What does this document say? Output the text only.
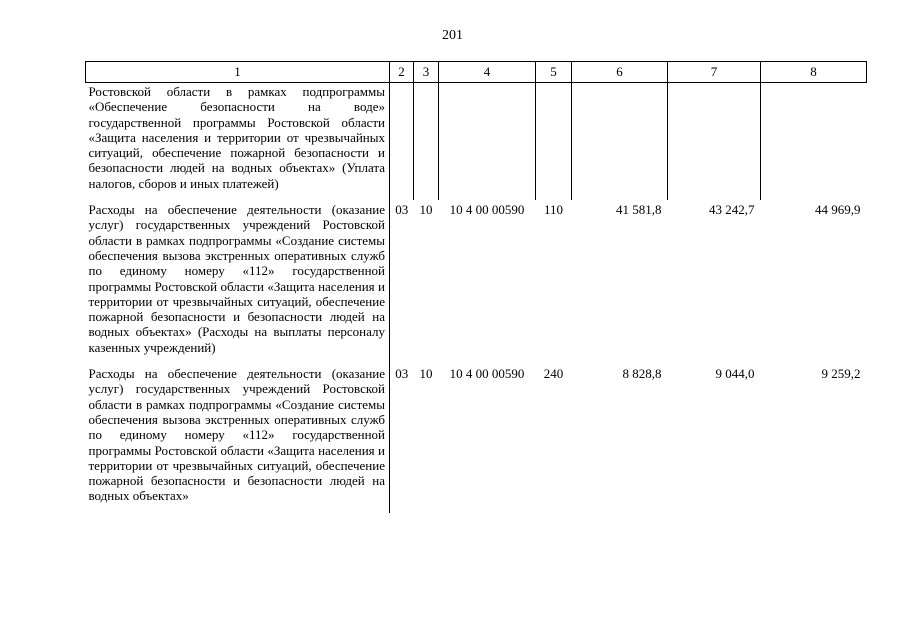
201
1	2	3	4	5	6	7	8
Ростовской области в рамках подпрограммы «Обеспечение безопасности на воде» государственной программы Ростовской области «Защита населения и территории от чрезвычайных ситуаций, обеспечение пожарной безопасности и безопасности людей на водных объектах» (Уплата налогов, сборов и иных платежей)							
Расходы на обеспечение деятельности (оказание услуг) государственных учреждений Ростовской области в рамках подпрограммы «Создание системы обеспечения вызова экстренных оперативных служб по единому номеру «112» государственной программы Ростовской области «Защита населения и территории от чрезвычайных ситуаций, обеспечение пожарной безопасности и безопасности людей на водных объектах» (Расходы на выплаты персоналу казенных учреждений)	03	10	10 4 00 00590	110	41 581,8	43 242,7	44 969,9
Расходы на обеспечение деятельности (оказание услуг) государственных учреждений Ростовской области в рамках подпрограммы «Создание системы обеспечения вызова экстренных оперативных служб по единому номеру «112» государственной программы Ростовской области «Защита населения и территории от чрезвычайных ситуаций, обеспечение пожарной безопасности и безопасности людей на водных объектах»	03	10	10 4 00 00590	240	8 828,8	9 044,0	9 259,2
